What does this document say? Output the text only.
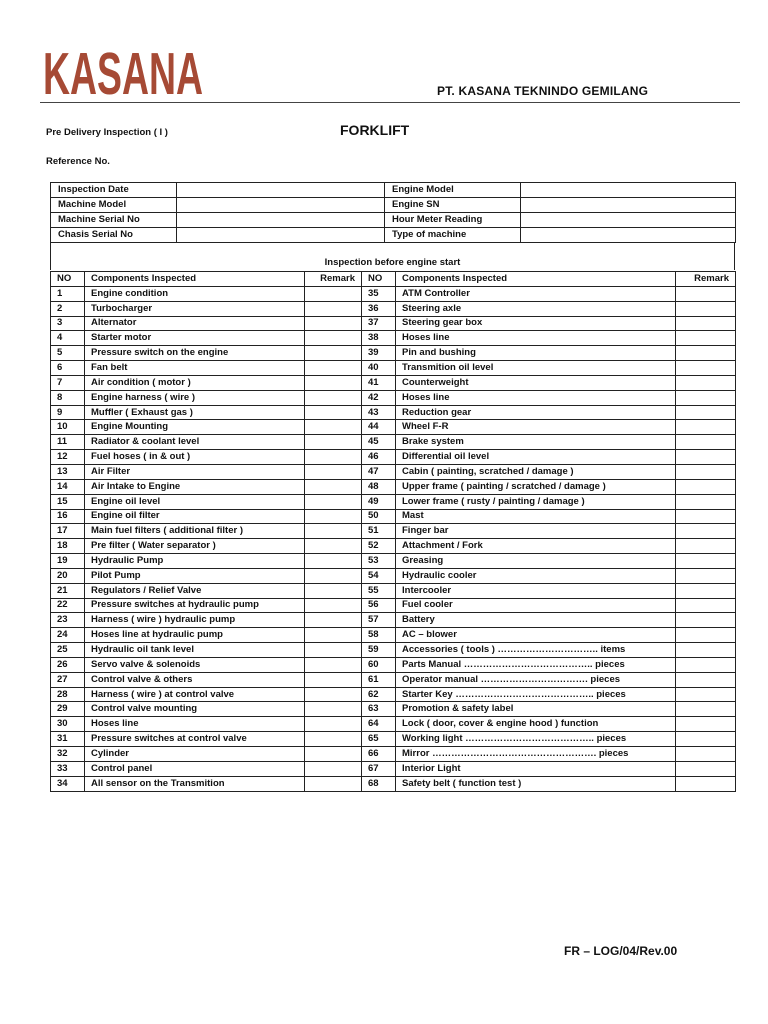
KASANA	PT. KASANA TEKNINDO GEMILANG
Pre Delivery Inspection ( I )	FORKLIFT
Reference No.
Inspection Date		Engine Model	
Machine Model		Engine SN	
Machine Serial No		Hour Meter Reading	
Chasis Serial No		Type of machine	
Inspection before engine start
NO	Components Inspected	Remark	NO	Components Inspected	Remark
1	Engine condition		35	ATM Controller	
2	Turbocharger		36	Steering axle	
3	Alternator		37	Steering gear box	
4	Starter motor		38	Hoses line	
5	Pressure switch on the engine		39	Pin and bushing	
6	Fan belt		40	Transmition oil level	
7	Air condition ( motor )		41	Counterweight	
8	Engine harness ( wire )		42	Hoses line	
9	Muffler ( Exhaust gas )		43	Reduction gear	
10	Engine Mounting		44	Wheel F-R	
11	Radiator & coolant level		45	Brake system	
12	Fuel hoses ( in & out )		46	Differential oil level	
13	Air Filter		47	Cabin ( painting, scratched / damage )	
14	Air Intake to Engine		48	Upper frame ( painting / scratched / damage )	
15	Engine oil level		49	Lower frame ( rusty / painting / damage )	
16	Engine oil filter		50	Mast	
17	Main fuel filters ( additional filter )		51	Finger bar	
18	Pre filter ( Water separator )		52	Attachment / Fork	
19	Hydraulic Pump		53	Greasing	
20	Pilot Pump		54	Hydraulic cooler	
21	Regulators / Relief Valve		55	Intercooler	
22	Pressure switches at hydraulic pump		56	Fuel cooler	
23	Harness ( wire ) hydraulic pump		57	Battery	
24	Hoses line at hydraulic pump		58	AC – blower	
25	Hydraulic oil tank level		59	Accessories ( tools ) ………………………….. items	
26	Servo valve & solenoids		60	Parts Manual ………………………………….. pieces	
27	Control valve & others		61	Operator manual ……………………………. pieces	
28	Harness ( wire ) at control valve		62	Starter Key …………………………………….. pieces	
29	Control valve mounting		63	Promotion & safety label	
30	Hoses line		64	Lock ( door, cover & engine hood ) function	
31	Pressure switches at control valve		65	Working light ………………………………….. pieces	
32	Cylinder		66	Mirror ……………………………………………. pieces	
33	Control panel		67	Interior Light	
34	All sensor on the Transmition		68	Safety belt ( function test )	
FR – LOG/04/Rev.00
